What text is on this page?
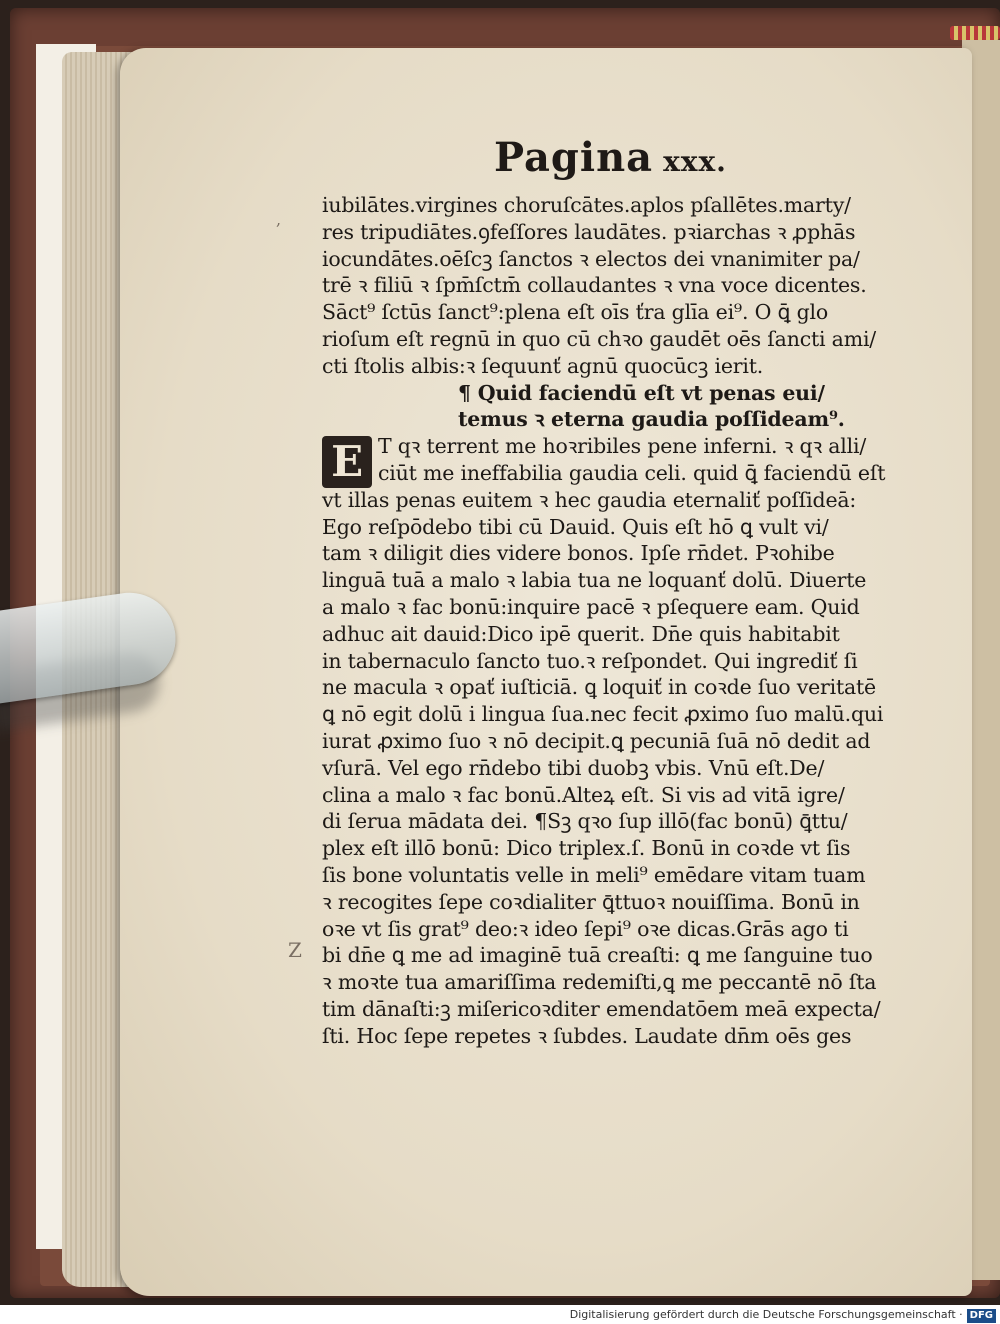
Pagina xxx.
,
Z
iubilātes.virgines choruſcātes.aplos pſallētes.marty/
res tripudiātes.ꝯfeſſores laudātes. pꝛiarchas ꝛ ꝓphās
iocundātes.oēſcꝫ ſanctos ꝛ electos dei vnanimiter pa/
trē ꝛ filiū ꝛ ſpm̄ſctm̄ collaudantes ꝛ vna voce dicentes.
Sāct⁹ ſctūs ſanct⁹:plena eſt oīs ťra glīa ei⁹. O ꝗ̄ glo
rioſum eſt regnū in quo cū chꝛo gaudēt oēs ſancti ami/
cti ſtolis albis:ꝛ ſequunť agnū quocūcꝫ ierit.
¶ Quid faciendū eſt vt penas eui/
temus ꝛ eterna gaudia poſſideam⁹.
E T qꝛ terrent me hoꝛribiles pene inferni. ꝛ qꝛ alli/
ciūt me ineffabilia gaudia celi. quid ꝗ̄ faciendū eſt
vt illas penas euitem ꝛ hec gaudia eternaliť poſſideā:
Ego reſpōdebo tibi cū Dauid. Quis eſt hō ꝗ vult vi/
tam ꝛ diligit dies videre bonos. Ipſe rn̄det. Pꝛohibe
linguā tuā a malo ꝛ labia tua ne loquanť dolū. Diuerte
a malo ꝛ fac bonū:inquire pacē ꝛ pſequere eam. Quid
adhuc ait dauid:Dico ipē querit. Dn̄e quis habitabit
in tabernaculo ſancto tuo.ꝛ reſpondet. Qui ingrediť ſi
ne macula ꝛ opať iuſticiā. ꝗ loquiť in coꝛde ſuo veritatē
ꝗ nō egit dolū i lingua ſua.nec fecit ꝓximo ſuo malū.qui
iurat ꝓximo ſuo ꝛ nō decipit.ꝗ pecuniā ſuā nō dedit ad
vſurā. Vel ego rn̄debo tibi duobꝫ vbis. Vnū eſt.De/
clina a malo ꝛ fac bonū.Alteꝝ eſt. Si vis ad vitā igre/
di ſerua mādata dei. ¶Sꝫ qꝛo ſup illō(fac bonū) ꝗ̄ttu/
plex eſt illō bonū: Dico triplex.ſ. Bonū in coꝛde vt ſis
ſis bone voluntatis velle in meli⁹ emēdare vitam tuam
ꝛ recogites ſepe coꝛdialiter ꝗ̄ttuoꝛ nouiſſima. Bonū in
oꝛe vt ſis grat⁹ deo:ꝛ ideo ſepi⁹ oꝛe dicas.Grās ago ti
bi dn̄e ꝗ me ad imaginē tuā creaſti: ꝗ me ſanguine tuo
ꝛ moꝛte tua amariſſima redemiſti,ꝗ me peccantē nō ſta
tim dānaſti:ꝫ miſericoꝛditer emendatōem meā expecta/
ſti. Hoc ſepe repetes ꝛ ſubdes. Laudate dn̄m oēs ges
Digitalisierung gefördert durch die Deutsche Forschungsgemeinschaft · DFG
